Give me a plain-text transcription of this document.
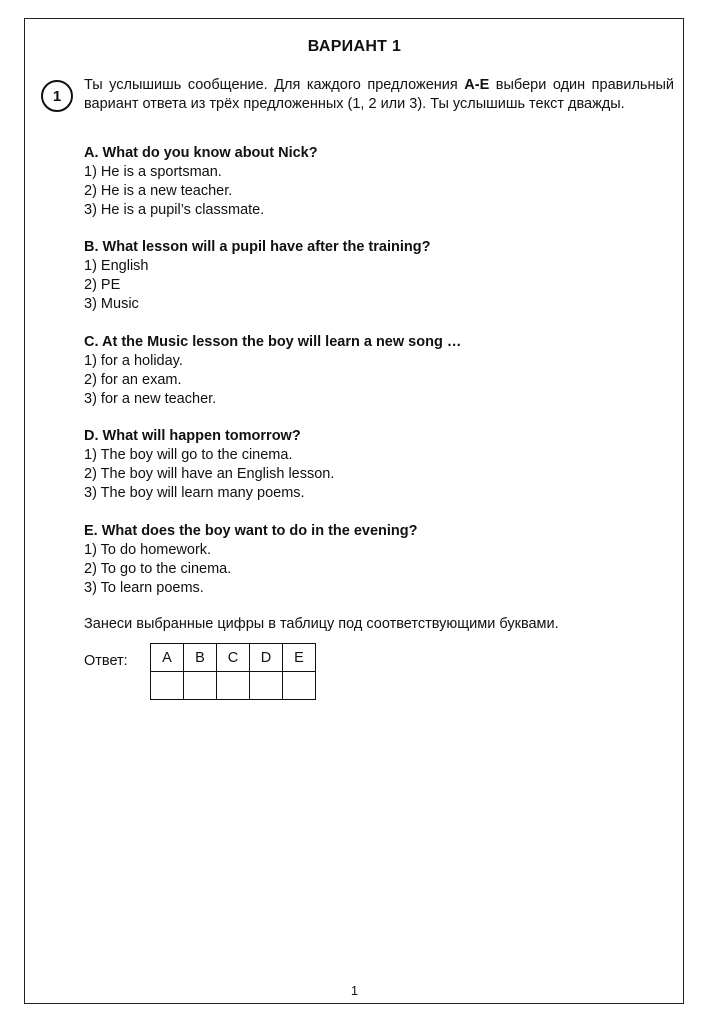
ВАРИАНТ 1
1
Ты услышишь сообщение. Для каждого предложения A-E выбери один правильный вариант ответа из трёх предложенных (1, 2 или 3). Ты услышишь текст дважды.
A. What do you know about Nick?
1) He is a sportsman.
2) He is a new teacher.
3) He is a pupil’s classmate.
B. What lesson will a pupil have after the training?
1) English
2) PE
3) Music
C. At the Music lesson the boy will learn a new song …
1) for a holiday.
2) for an exam.
3) for a new teacher.
D. What will happen tomorrow?
1) The boy will go to the cinema.
2) The boy will have an English lesson.
3) The boy will learn many poems.
E. What does the boy want to do in the evening?
1) To do homework.
2) To go to the cinema.
3) To learn poems.
Занеси выбранные цифры в таблицу под соответствующими буквами.
Ответ: A	B	C	D	E

1
